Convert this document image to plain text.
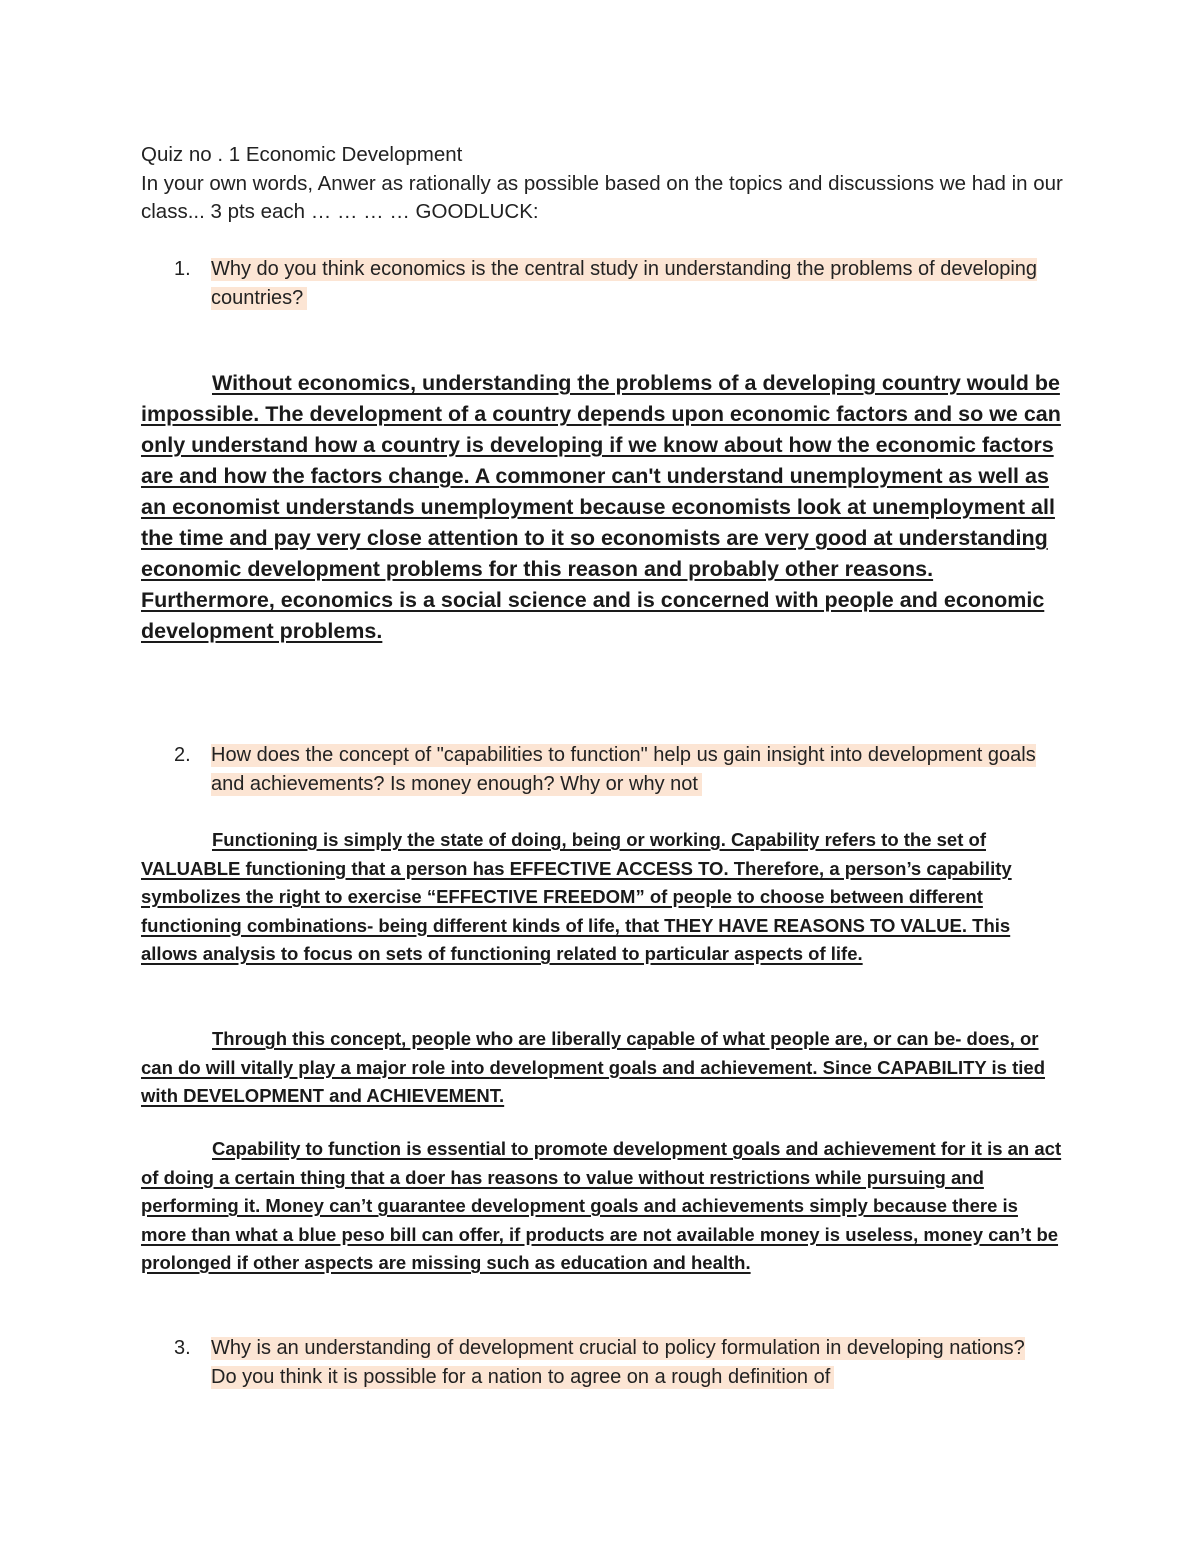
Quiz no . 1 Economic Development
In your own words, Anwer as rationally as possible based on the topics and discussions we had in our class... 3 pts each … … … … GOODLUCK:
1. Why do you think economics is the central study in understanding the problems of developing countries?
Without economics, understanding the problems of a developing country would be impossible. The development of a country depends upon economic factors and so we can only understand how a country is developing if we know about how the economic factors are and how the factors change. A commoner can't understand unemployment as well as an economist understands unemployment because economists look at unemployment all the time and pay very close attention to it so economists are very good at understanding economic development problems for this reason and probably other reasons. Furthermore, economics is a social science and is concerned with people and economic development problems.
2. How does the concept of "capabilities to function" help us gain insight into development goals and achievements? Is money enough? Why or why not
Functioning is simply the state of doing, being or working. Capability refers to the set of VALUABLE functioning that a person has EFFECTIVE ACCESS TO. Therefore, a person’s capability symbolizes the right to exercise “EFFECTIVE FREEDOM” of people to choose between different functioning combinations- being different kinds of life, that THEY HAVE REASONS TO VALUE. This allows analysis to focus on sets of functioning related to particular aspects of life.
Through this concept, people who are liberally capable of what people are, or can be- does, or can do will vitally play a major role into development goals and achievement. Since CAPABILITY is tied with DEVELOPMENT and ACHIEVEMENT.
Capability to function is essential to promote development goals and achievement for it is an act of doing a certain thing that a doer has reasons to value without restrictions while pursuing and performing it. Money can’t guarantee development goals and achievements simply because there is more than what a blue peso bill can offer, if products are not available money is useless, money can’t be prolonged if other aspects are missing such as education and health.
3. Why is an understanding of development crucial to policy formulation in developing nations? Do you think it is possible for a nation to agree on a rough definition of
